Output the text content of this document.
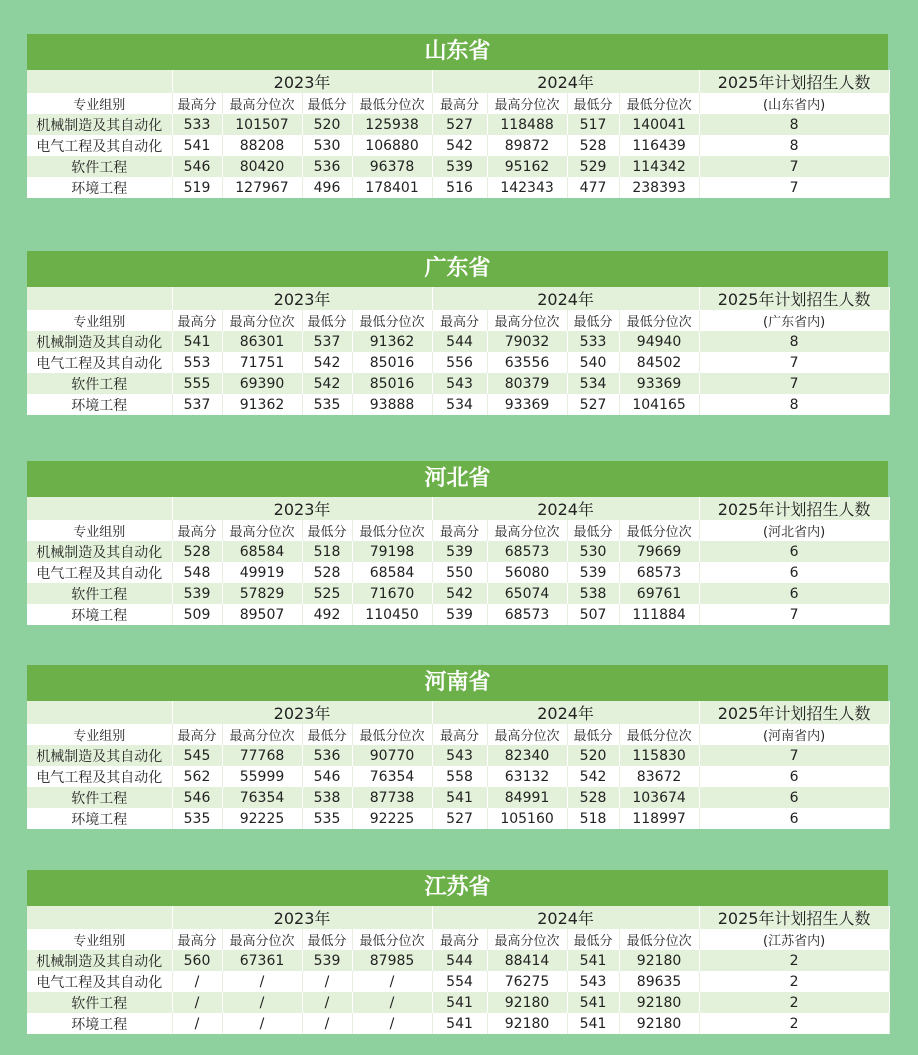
山东省
	2023年				2024年				2025年计划招生人数
专业组别	最高分	最高分位次	最低分	最低分位次	最高分	最高分位次	最低分	最低分位次	(山东省内)
机械制造及其自动化	533	101507	520	125938	527	118488	517	140041	8
电气工程及其自动化	541	88208	530	106880	542	89872	528	116439	8
软件工程	546	80420	536	96378	539	95162	529	114342	7
环境工程	519	127967	496	178401	516	142343	477	238393	7
广东省
	2023年				2024年				2025年计划招生人数
专业组别	最高分	最高分位次	最低分	最低分位次	最高分	最高分位次	最低分	最低分位次	(广东省内)
机械制造及其自动化	541	86301	537	91362	544	79032	533	94940	8
电气工程及其自动化	553	71751	542	85016	556	63556	540	84502	7
软件工程	555	69390	542	85016	543	80379	534	93369	7
环境工程	537	91362	535	93888	534	93369	527	104165	8
河北省
	2023年				2024年				2025年计划招生人数
专业组别	最高分	最高分位次	最低分	最低分位次	最高分	最高分位次	最低分	最低分位次	(河北省内)
机械制造及其自动化	528	68584	518	79198	539	68573	530	79669	6
电气工程及其自动化	548	49919	528	68584	550	56080	539	68573	6
软件工程	539	57829	525	71670	542	65074	538	69761	6
环境工程	509	89507	492	110450	539	68573	507	111884	7
河南省
	2023年				2024年				2025年计划招生人数
专业组别	最高分	最高分位次	最低分	最低分位次	最高分	最高分位次	最低分	最低分位次	(河南省内)
机械制造及其自动化	545	77768	536	90770	543	82340	520	115830	7
电气工程及其自动化	562	55999	546	76354	558	63132	542	83672	6
软件工程	546	76354	538	87738	541	84991	528	103674	6
环境工程	535	92225	535	92225	527	105160	518	118997	6
江苏省
	2023年				2024年				2025年计划招生人数
专业组别	最高分	最高分位次	最低分	最低分位次	最高分	最高分位次	最低分	最低分位次	(江苏省内)
机械制造及其自动化	560	67361	539	87985	544	88414	541	92180	2
电气工程及其自动化	/	/	/	/	554	76275	543	89635	2
软件工程	/	/	/	/	541	92180	541	92180	2
环境工程	/	/	/	/	541	92180	541	92180	2
